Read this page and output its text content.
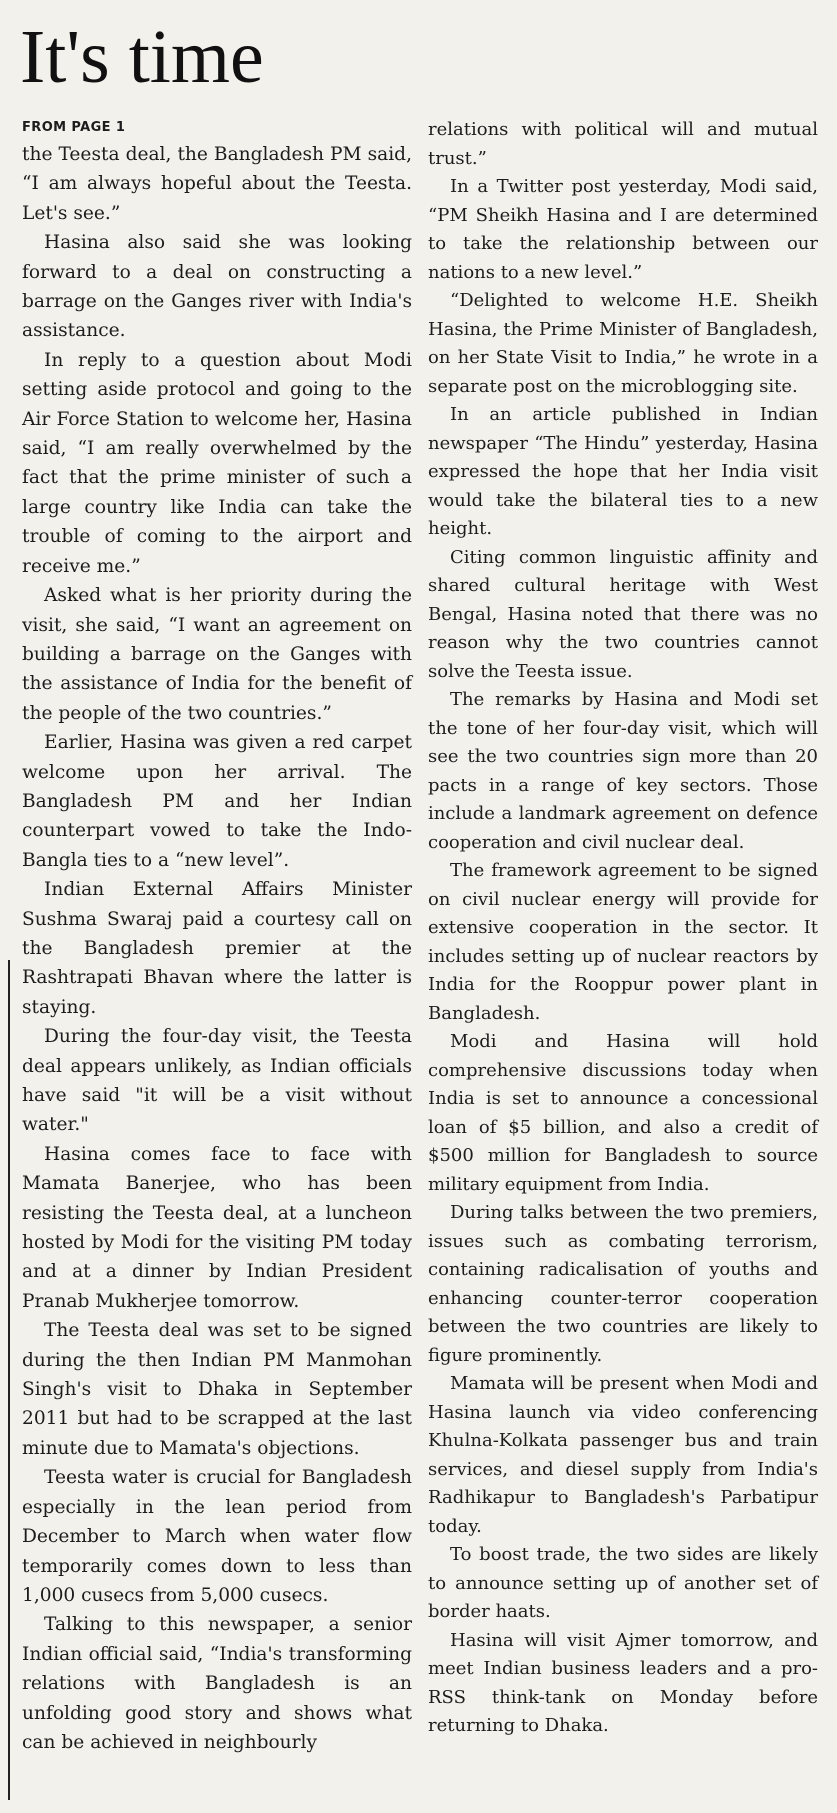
It's time
FROM PAGE 1

the Teesta deal, the Bangladesh PM said, “I am always hopeful about the Teesta. Let's see.”

Hasina also said she was looking forward to a deal on constructing a barrage on the Ganges river with India's assistance.

In reply to a question about Modi setting aside protocol and going to the Air Force Station to welcome her, Hasina said, “I am really overwhelmed by the fact that the prime minister of such a large country like India can take the trouble of coming to the airport and receive me.”

Asked what is her priority during the visit, she said, “I want an agreement on building a barrage on the Ganges with the assistance of India for the benefit of the people of the two countries.”

Earlier, Hasina was given a red carpet welcome upon her arrival. The Bangladesh PM and her Indian counterpart vowed to take the Indo-Bangla ties to a “new level”.

Indian External Affairs Minister Sushma Swaraj paid a courtesy call on the Bangladesh premier at the Rashtrapati Bhavan where the latter is staying.

During the four-day visit, the Teesta deal appears unlikely, as Indian officials have said "it will be a visit without water."

Hasina comes face to face with Mamata Banerjee, who has been resisting the Teesta deal, at a luncheon hosted by Modi for the visiting PM today and at a dinner by Indian President Pranab Mukherjee tomorrow.

The Teesta deal was set to be signed during the then Indian PM Manmohan Singh's visit to Dhaka in September 2011 but had to be scrapped at the last minute due to Mamata's objections.

Teesta water is crucial for Bangladesh especially in the lean period from December to March when water flow temporarily comes down to less than 1,000 cusecs from 5,000 cusecs.

Talking to this newspaper, a senior Indian official said, “India's transforming relations with Bangladesh is an unfolding good story and shows what can be achieved in neighbourly

relations with political will and mutual trust.”

In a Twitter post yesterday, Modi said, “PM Sheikh Hasina and I are determined to take the relationship between our nations to a new level.”

“Delighted to welcome H.E. Sheikh Hasina, the Prime Minister of Bangladesh, on her State Visit to India,” he wrote in a separate post on the microblogging site.

In an article published in Indian newspaper “The Hindu” yesterday, Hasina expressed the hope that her India visit would take the bilateral ties to a new height.

Citing common linguistic affinity and shared cultural heritage with West Bengal, Hasina noted that there was no reason why the two countries cannot solve the Teesta issue.

The remarks by Hasina and Modi set the tone of her four-day visit, which will see the two countries sign more than 20 pacts in a range of key sectors. Those include a landmark agreement on defence cooperation and civil nuclear deal.

The framework agreement to be signed on civil nuclear energy will provide for extensive cooperation in the sector. It includes setting up of nuclear reactors by India for the Rooppur power plant in Bangladesh.

Modi and Hasina will hold comprehensive discussions today when India is set to announce a concessional loan of $5 billion, and also a credit of $500 million for Bangladesh to source military equipment from India.

During talks between the two premiers, issues such as combating terrorism, containing radicalisation of youths and enhancing counter-terror cooperation between the two countries are likely to figure prominently.

Mamata will be present when Modi and Hasina launch via video conferencing Khulna-Kolkata passenger bus and train services, and diesel supply from India's Radhikapur to Bangladesh's Parbatipur today.

To boost trade, the two sides are likely to announce setting up of another set of border haats.

Hasina will visit Ajmer tomorrow, and meet Indian business leaders and a pro-RSS think-tank on Monday before returning to Dhaka.
